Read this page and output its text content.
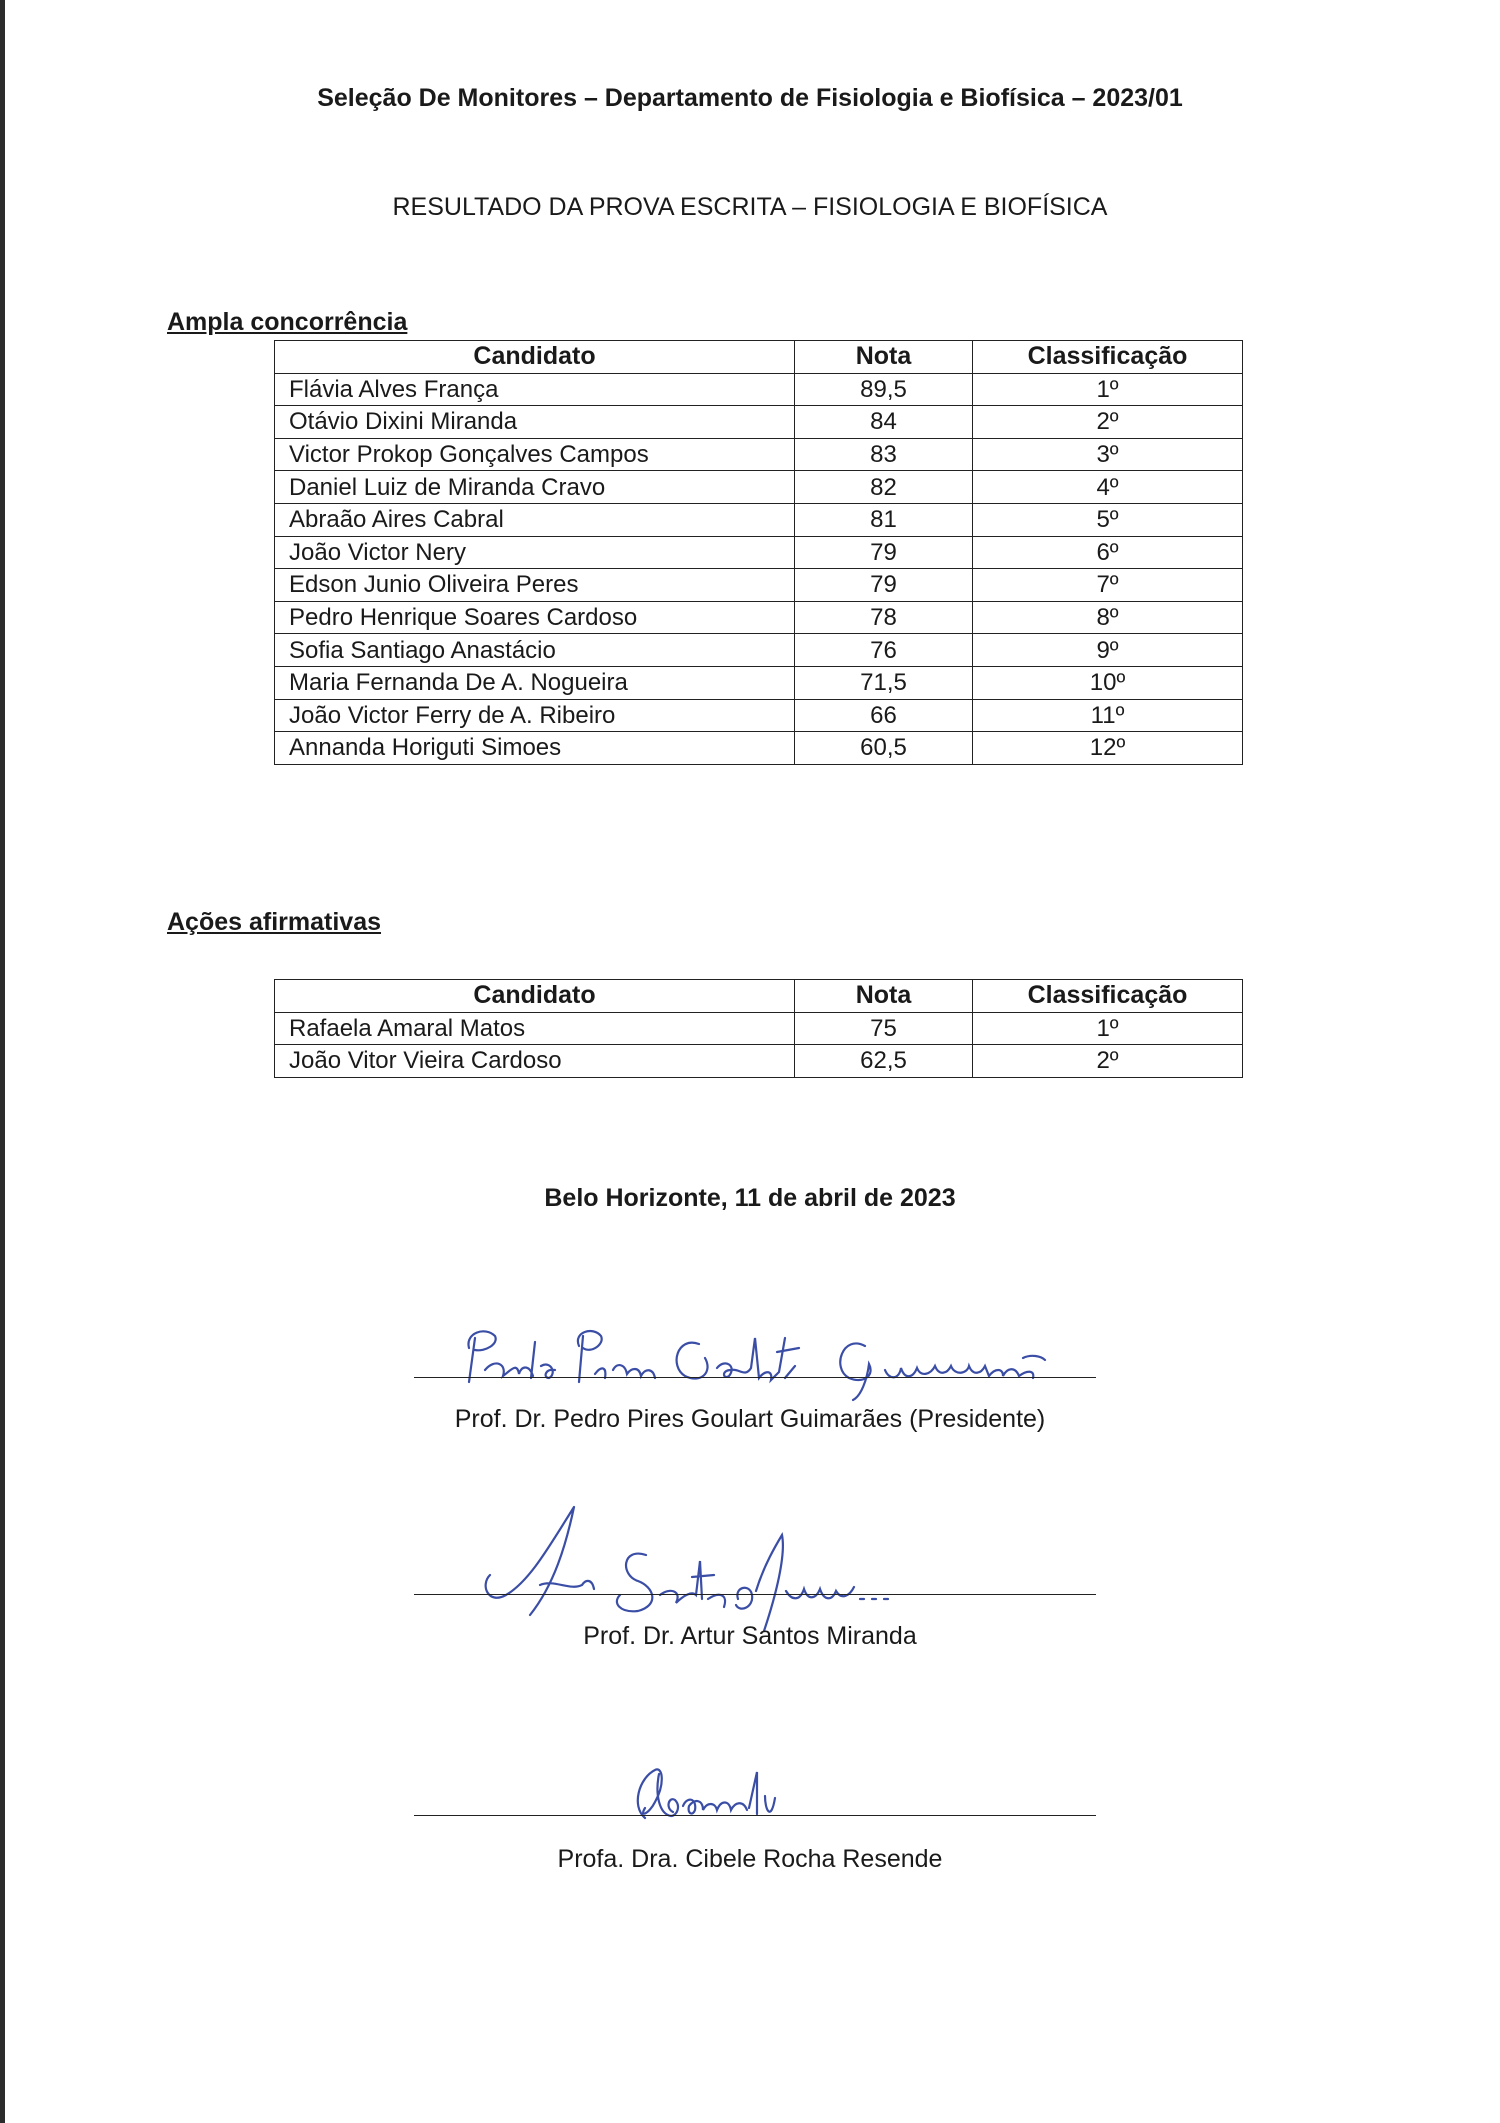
Seleção De Monitores – Departamento de Fisiologia e Biofísica – 2023/01
RESULTADO DA PROVA ESCRITA – FISIOLOGIA E BIOFÍSICA
Ampla concorrência
Candidato	Nota	Classificação
Flávia Alves França	89,5	1º
Otávio Dixini Miranda	84	2º
Victor Prokop Gonçalves Campos	83	3º
Daniel Luiz de Miranda Cravo	82	4º
Abraão Aires Cabral	81	5º
João Victor Nery	79	6º
Edson Junio Oliveira Peres	79	7º
Pedro Henrique Soares Cardoso	78	8º
Sofia Santiago Anastácio	76	9º
Maria Fernanda De A. Nogueira	71,5	10º
João Victor Ferry de A. Ribeiro	66	11º
Annanda Horiguti Simoes	60,5	12º
Ações afirmativas
Candidato	Nota	Classificação
Rafaela Amaral Matos	75	1º
João Vitor Vieira Cardoso	62,5	2º
Belo Horizonte, 11 de abril de 2023
Prof. Dr. Pedro Pires Goulart Guimarães (Presidente)
Prof. Dr. Artur Santos Miranda
Profa. Dra. Cibele Rocha Resende
